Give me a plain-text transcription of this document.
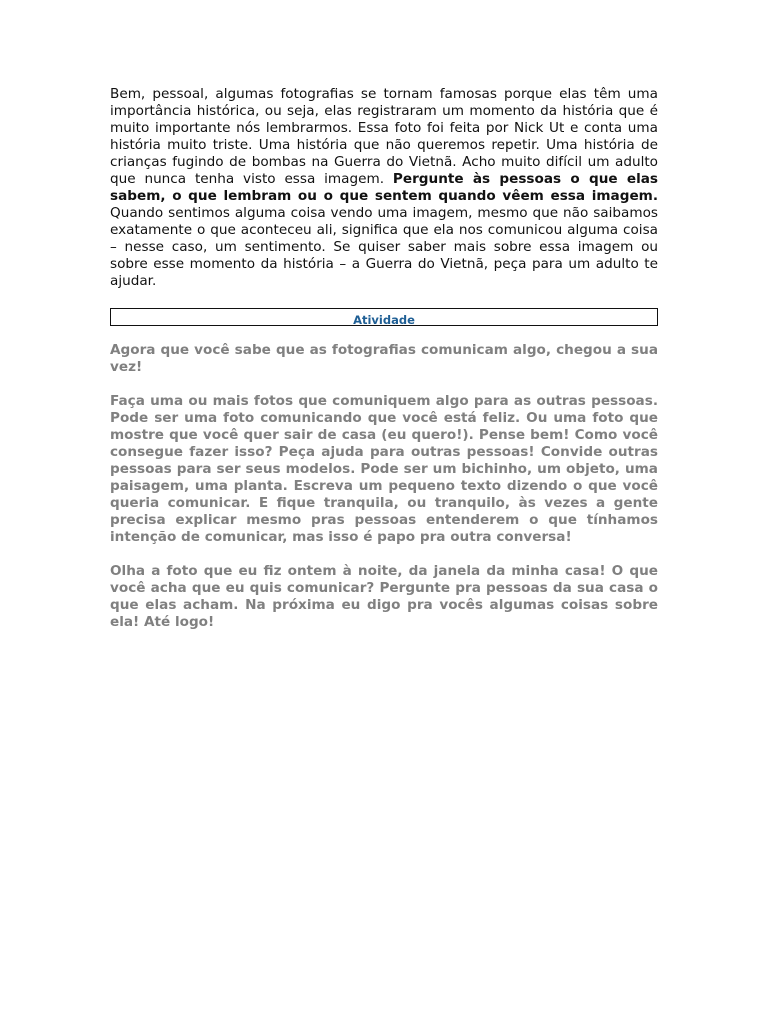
Bem, pessoal, algumas fotografias se tornam famosas porque elas têm uma importância histórica, ou seja, elas registraram um momento da história que é muito importante nós lembrarmos. Essa foto foi feita por Nick Ut e conta uma história muito triste. Uma história que não queremos repetir. Uma história de crianças fugindo de bombas na Guerra do Vietnã. Acho muito difícil um adulto que nunca tenha visto essa imagem. Pergunte às pessoas o que elas sabem, o que lembram ou o que sentem quando vêem essa imagem. Quando sentimos alguma coisa vendo uma imagem, mesmo que não saibamos exatamente o que aconteceu ali, significa que ela nos comunicou alguma coisa – nesse caso, um sentimento. Se quiser saber mais sobre essa imagem ou sobre esse momento da história – a Guerra do Vietnã, peça para um adulto te ajudar.

Atividade

Agora que você sabe que as fotografias comunicam algo, chegou a sua vez!

Faça uma ou mais fotos que comuniquem algo para as outras pessoas. Pode ser uma foto comunicando que você está feliz. Ou uma foto que mostre que você quer sair de casa (eu quero!). Pense bem! Como você consegue fazer isso? Peça ajuda para outras pessoas! Convide outras pessoas para ser seus modelos. Pode ser um bichinho, um objeto, uma paisagem, uma planta. Escreva um pequeno texto dizendo o que você queria comunicar. E fique tranquila, ou tranquilo, às vezes a gente precisa explicar mesmo pras pessoas entenderem o que tínhamos intenção de comunicar, mas isso é papo pra outra conversa!

Olha a foto que eu fiz ontem à noite, da janela da minha casa! O que você acha que eu quis comunicar? Pergunte pra pessoas da sua casa o que elas acham. Na próxima eu digo pra vocês algumas coisas sobre ela! Até logo!
